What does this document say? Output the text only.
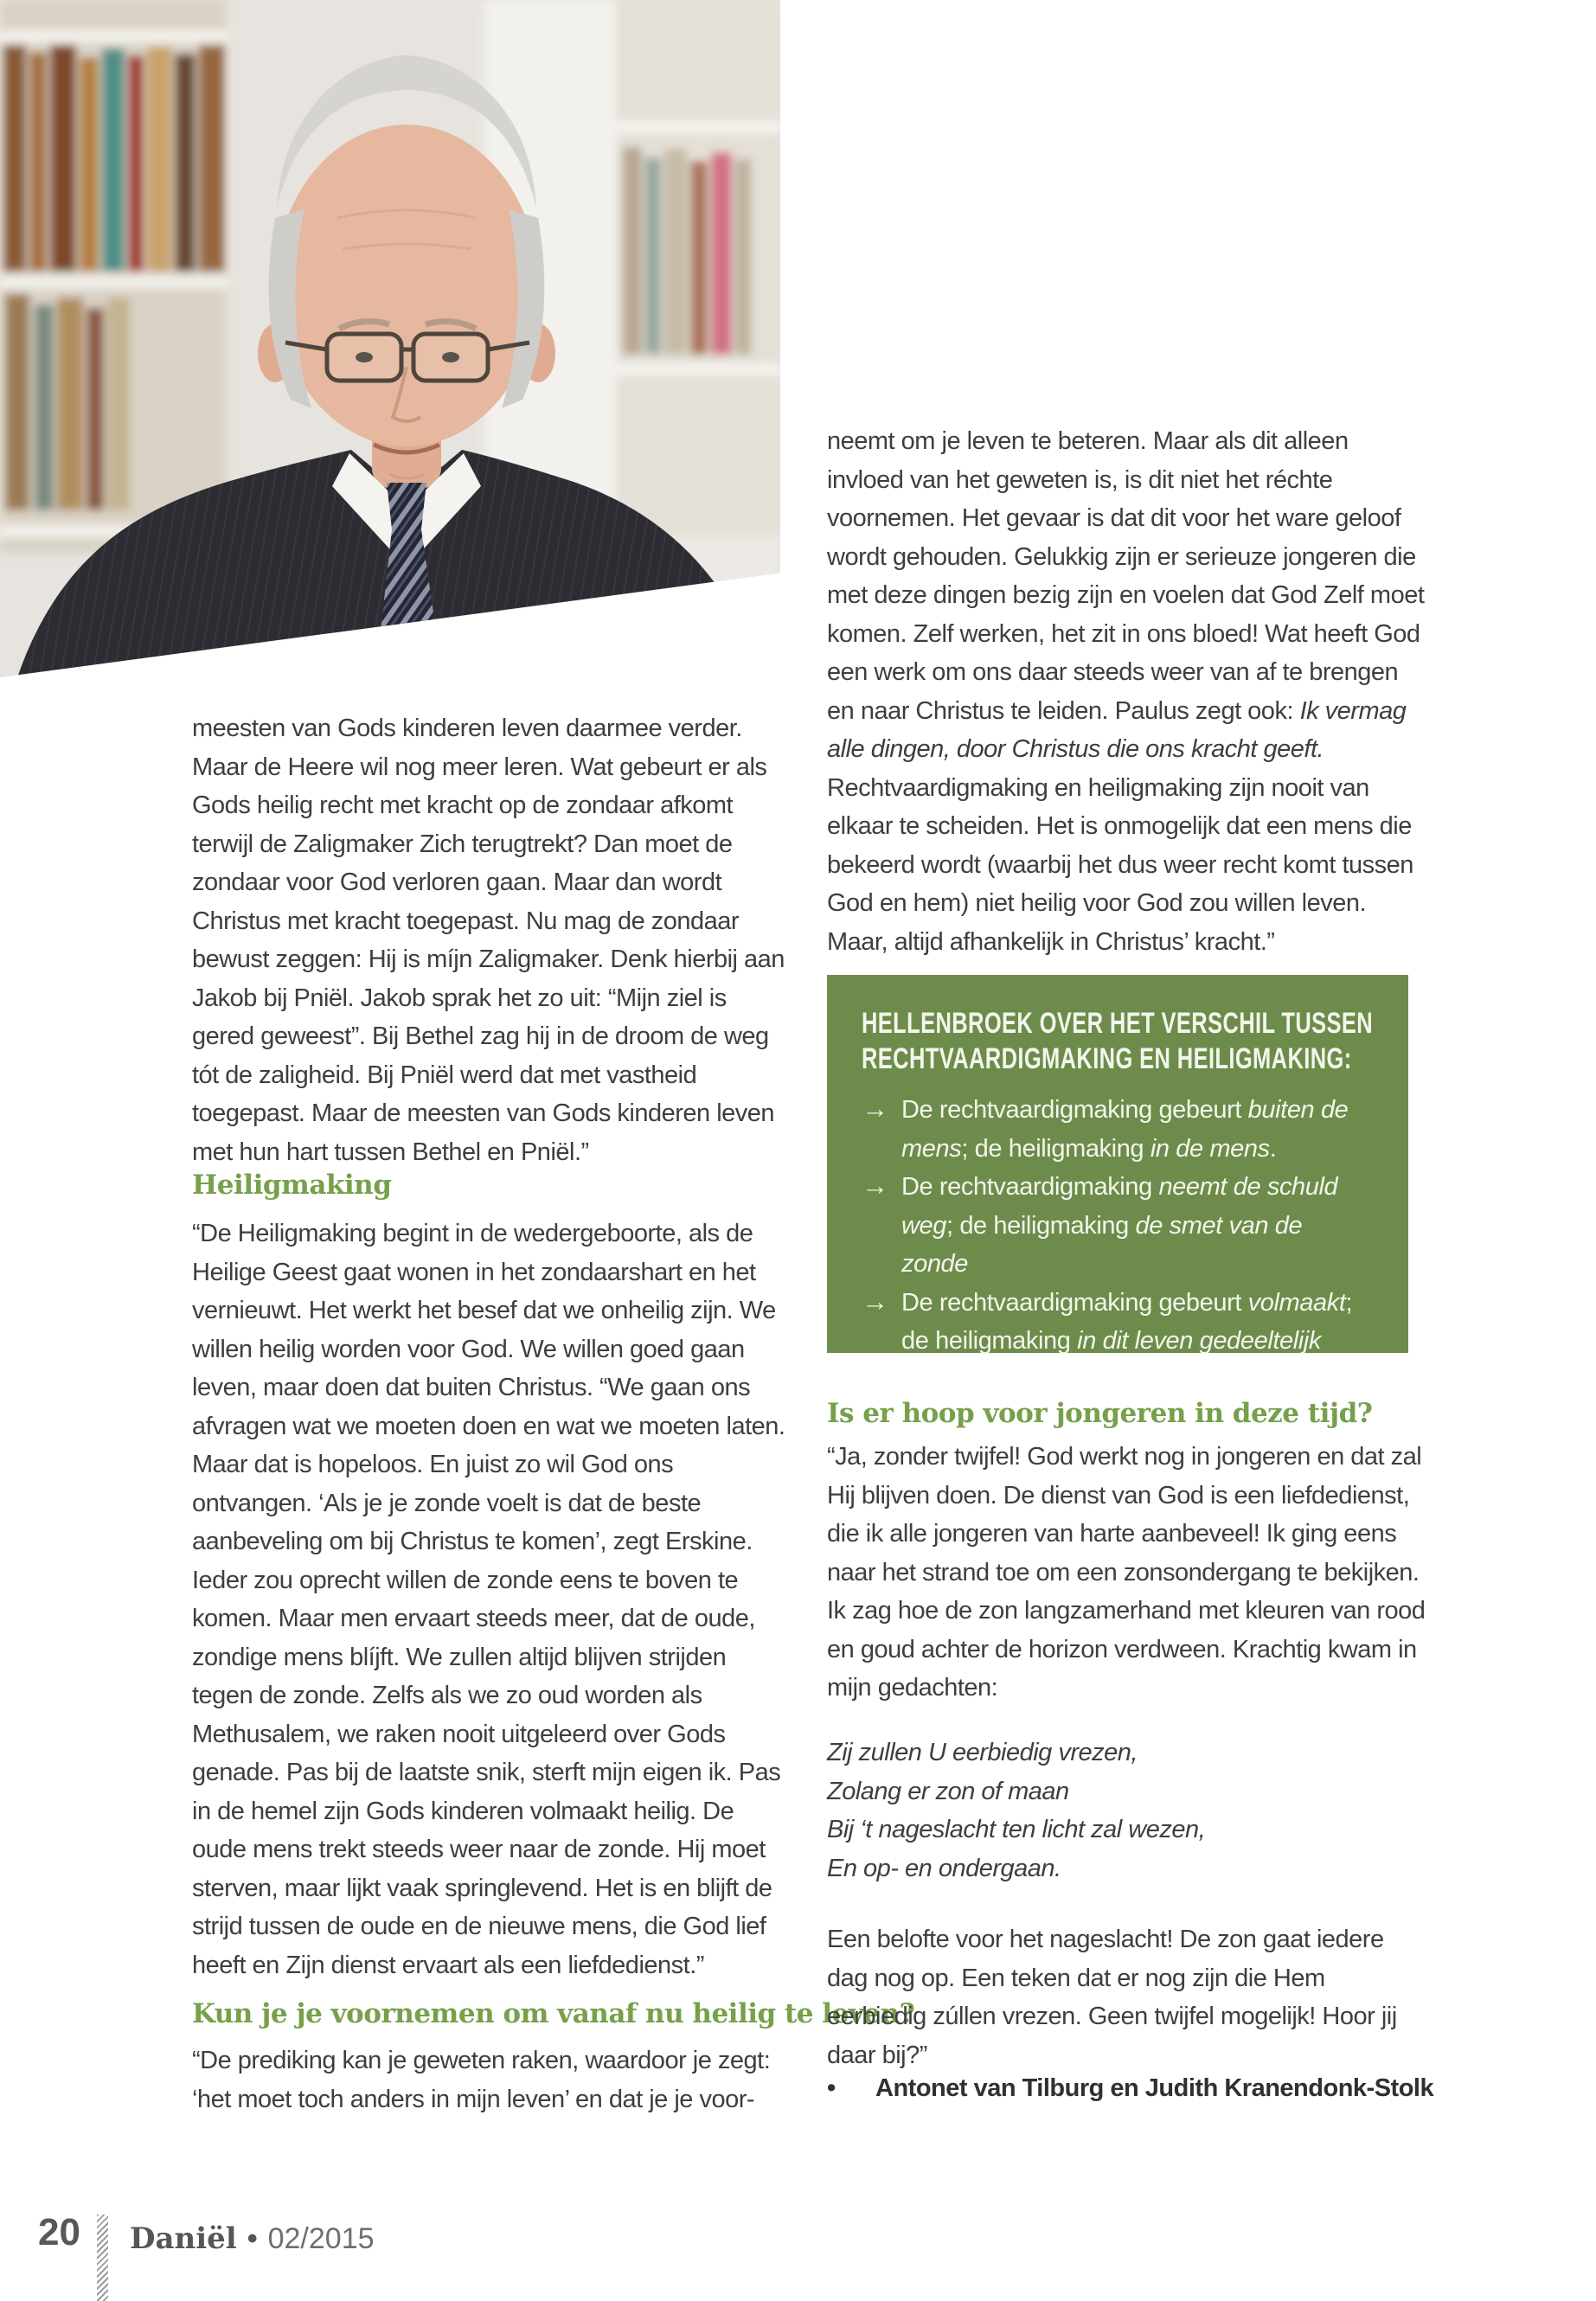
meesten van Gods kinderen leven daarmee verder. Maar de Heere wil nog meer leren. Wat gebeurt er als Gods heilig recht met kracht op de zondaar afkomt terwijl de Zaligmaker Zich terugtrekt? Dan moet de zondaar voor God verloren gaan. Maar dan wordt Christus met kracht toegepast. Nu mag de zondaar bewust zeggen: Hij is míjn Zaligmaker. Denk hierbij aan Jakob bij Pniël. Jakob sprak het zo uit: “Mijn ziel is gered geweest”. Bij Bethel zag hij in de droom de weg tót de zaligheid. Bij Pniël werd dat met vastheid toegepast. Maar de meesten van Gods kinderen leven met hun hart tussen Bethel en Pniël.”

Heiligmaking

“De Heiligmaking begint in de wedergeboorte, als de Heilige Geest gaat wonen in het zondaarshart en het vernieuwt. Het werkt het besef dat we onheilig zijn. We willen heilig worden voor God. We willen goed gaan leven, maar doen dat buiten Christus. “We gaan ons afvragen wat we moeten doen en wat we moeten laten. Maar dat is hopeloos. En juist zo wil God ons ontvangen. ‘Als je je zonde voelt is dat de beste aanbeveling om bij Christus te komen’, zegt Erskine. Ieder zou oprecht willen de zonde eens te boven te komen. Maar men ervaart steeds meer, dat de oude, zondige mens blíjft. We zullen altijd blijven strijden tegen de zonde. Zelfs als we zo oud worden als Methusalem, we raken nooit uitgeleerd over Gods genade. Pas bij de laatste snik, sterft mijn eigen ik. Pas in de hemel zijn Gods kinderen volmaakt heilig. De oude mens trekt steeds weer naar de zonde. Hij moet sterven, maar lijkt vaak springlevend. Het is en blijft de strijd tussen de oude en de nieuwe mens, die God lief heeft en Zijn dienst ervaart als een liefdedienst.”

Kun je je voornemen om vanaf nu heilig te leven?

“De prediking kan je geweten raken, waardoor je zegt: ‘het moet toch anders in mijn leven’ en dat je je voor-

neemt om je leven te beteren. Maar als dit alleen invloed van het geweten is, is dit niet het réchte voornemen. Het gevaar is dat dit voor het ware geloof wordt gehouden. Gelukkig zijn er serieuze jongeren die met deze dingen bezig zijn en voelen dat God Zelf moet komen. Zelf werken, het zit in ons bloed! Wat heeft God een werk om ons daar steeds weer van af te brengen en naar Christus te leiden. Paulus zegt ook: Ik vermag alle dingen, door Christus die ons kracht geeft. Rechtvaardigmaking en heiligmaking zijn nooit van elkaar te scheiden. Het is onmogelijk dat een mens die bekeerd wordt (waarbij het dus weer recht komt tussen God en hem) niet heilig voor God zou willen leven. Maar, altijd afhankelijk in Christus’ kracht.”

HELLENBROEK OVER HET VERSCHIL TUSSEN
RECHTVAARDIGMAKING EN HEILIGMAKING:
→ De rechtvaardigmaking gebeurt buiten de mens; de heiligmaking in de mens.
→ De rechtvaardigmaking neemt de schuld weg; de heiligmaking de smet van de zonde
→ De rechtvaardigmaking gebeurt volmaakt; de heiligmaking in dit leven gedeeltelijk
Is er hoop voor jongeren in deze tijd?

“Ja, zonder twijfel! God werkt nog in jongeren en dat zal Hij blijven doen. De dienst van God is een liefdedienst, die ik alle jongeren van harte aanbeveel! Ik ging eens naar het strand toe om een zonsondergang te bekijken. Ik zag hoe de zon langzamerhand met kleuren van rood en goud achter de horizon verdween. Krachtig kwam in mijn gedachten:

Zij zullen U eerbiedig vrezen,
Zolang er zon of maan
Bij ‘t nageslacht ten licht zal wezen,
En op- en ondergaan.

Een belofte voor het nageslacht! De zon gaat iedere dag nog op. Een teken dat er nog zijn die Hem eerbiedig zúllen vrezen. Geen twijfel mogelijk! Hoor jij daar bij?”

• Antonet van Tilburg en Judith Kranendonk-Stolk

20 Daniël • 02/2015
